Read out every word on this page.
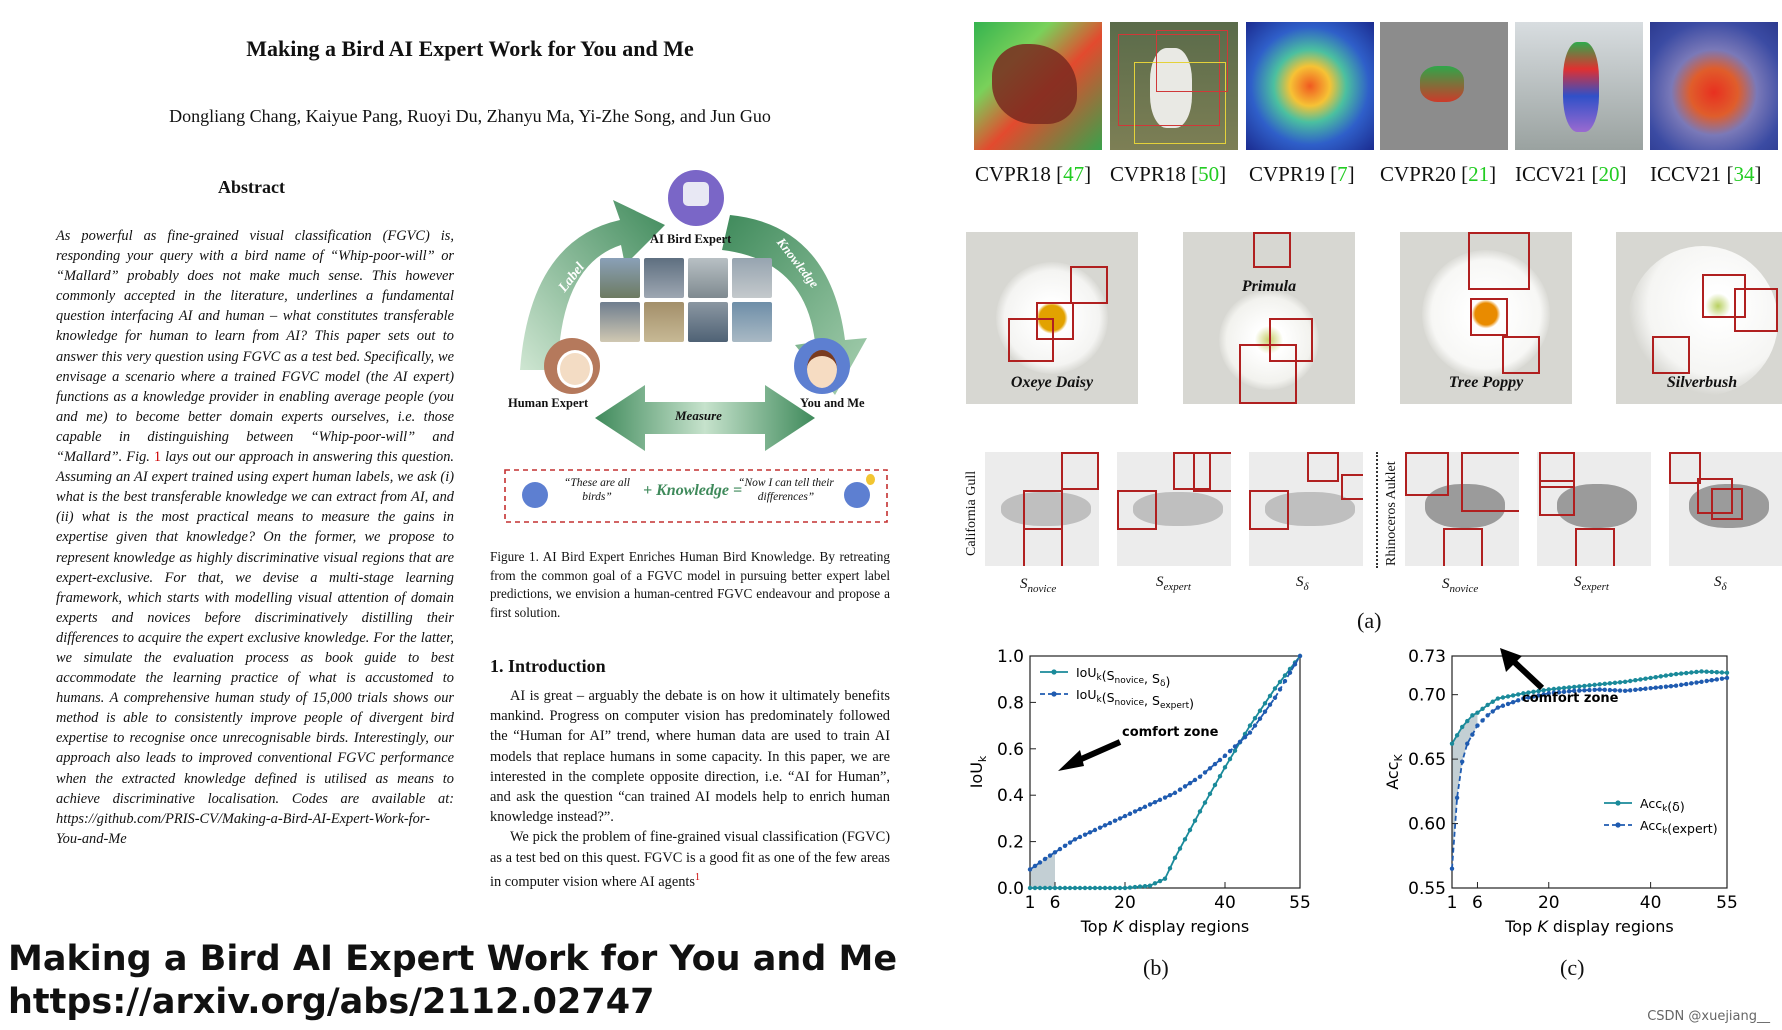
Making a Bird AI Expert Work for You and Me
Dongliang Chang, Kaiyue Pang, Ruoyi Du, Zhanyu Ma, Yi-Zhe Song, and Jun Guo
Abstract
As powerful as fine-grained visual classification (FGVC) is, responding your query with a bird name of “Whip-poor-will” or “Mallard” probably does not make much sense. This however commonly accepted in the literature, underlines a fundamental question interfacing AI and human – what constitutes transferable knowledge for human to learn from AI? This paper sets out to answer this very question using FGVC as a test bed. Specifically, we envisage a scenario where a trained FGVC model (the AI expert) functions as a knowledge provider in enabling average people (you and me) to become better domain experts ourselves, i.e. those capable in distinguishing between “Whip-poor-will” and “Mallard”. Fig. 1 lays out our approach in answering this question. Assuming an AI expert trained using expert human labels, we ask (i) what is the best transferable knowledge we can extract from AI, and (ii) what is the most practical means to measure the gains in expertise given that knowledge? On the former, we propose to represent knowledge as highly discriminative visual regions that are expert-exclusive. For that, we devise a multi-stage learning framework, which starts with modelling visual attention of domain experts and novices before discriminatively distilling their differences to acquire the expert exclusive knowledge. For the latter, we simulate the evaluation process as book guide to best accommodate the learning practice of what is accustomed to humans. A comprehensive human study of 15,000 trials shows our method is able to consistently improve people of divergent bird expertise to recognise once unrecognisable birds. Interestingly, our approach also leads to improved conventional FGVC performance when the extracted knowledge defined is utilised as means to achieve discriminative localisation. Codes are available at: https://github.com/PRIS-CV/Making-a-Bird-AI-Expert-Work-for-You-and-Me
AI Bird Expert
Human Expert	You and Me
Label	Knowledge
Measure
“These are all birds”	+ Knowledge =
“Now I can tell their differences”
Figure 1. AI Bird Expert Enriches Human Bird Knowledge. By retreating from the common goal of a FGVC model in pursuing better expert label predictions, we envision a human-centred FGVC endeavour and propose a first solution.
1. Introduction

AI is great – arguably the debate is on how it ultimately benefits mankind. Progress on computer vision has predominately followed the “Human for AI” trend, where human data are used to train AI models that replace humans in some capacity. In this paper, we are interested in the complete opposite direction, i.e. “AI for Human”, and ask the question “can trained AI models help to enrich human knowledge instead?”.

We pick the problem of fine-grained visual classification (FGVC) as a test bed on this quest. FGVC is a good fit as one of the few areas in computer vision where AI agents$^1$

Making a Bird AI Expert Work for You and Me
https://arxiv.org/abs/2112.02747
CVPR18 [47] CVPR18 [50] CVPR19 [7] CVPR20 [21] ICCV21 [20] ICCV21 [34]
Oxeye Daisy
Primula
Tree Poppy	Silverbush
California Gull	Rhinoceros Auklet
$S_{novice}$	$S_{expert}$	$S_\delta$	$S_{novice}$	$S_{expert}$	$S_\delta$
(a)
1 6	20	40	55
0.0
0.2
0.4
0.6
0.8
1.0
Top K display regions
IoU$_k$
$IoU_k(S_{novice}$, $S_\delta$)
$IoU_k(S_{novice}$, $S_{expert}$)
comfort zone
1 6	20	40	55
0.55
0.60
0.65
0.70
0.73
Top K display regions
Acc$_K$
Acc$_k$(δ)
Acc$_k$(expert)
comfort zone
(b)	(c)
CSDN @xuejiang__
